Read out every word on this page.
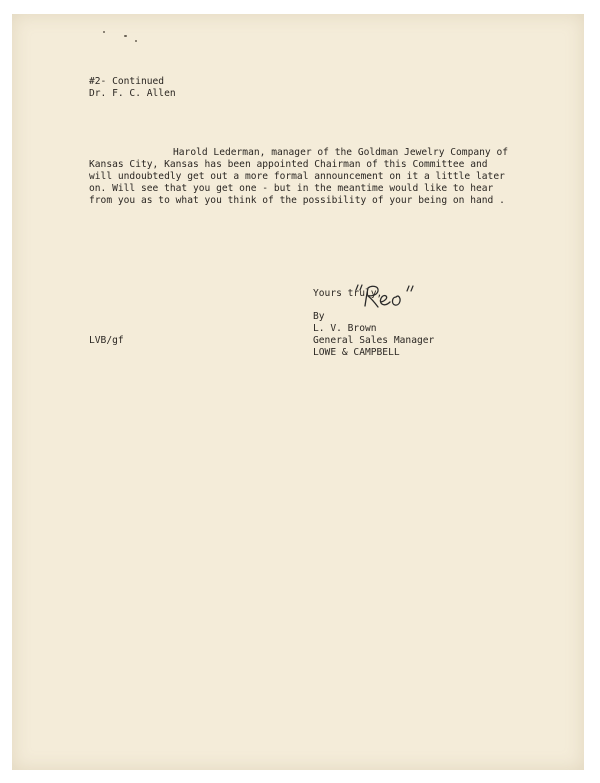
#2- Continued

Dr. F. C. Allen

Harold Lederman, manager of the Goldman Jewelry Company of

Kansas City, Kansas has been appointed Chairman of this Committee and

will undoubtedly get out a more formal announcement on it a little later

on. Will see that you get one - but in the meantime would like to hear

from you as to what you think of the possibility of your being on hand .

Yours truly,

By

L. V. Brown

LVB/gf	General Sales Manager

LOWE & CAMPBELL
